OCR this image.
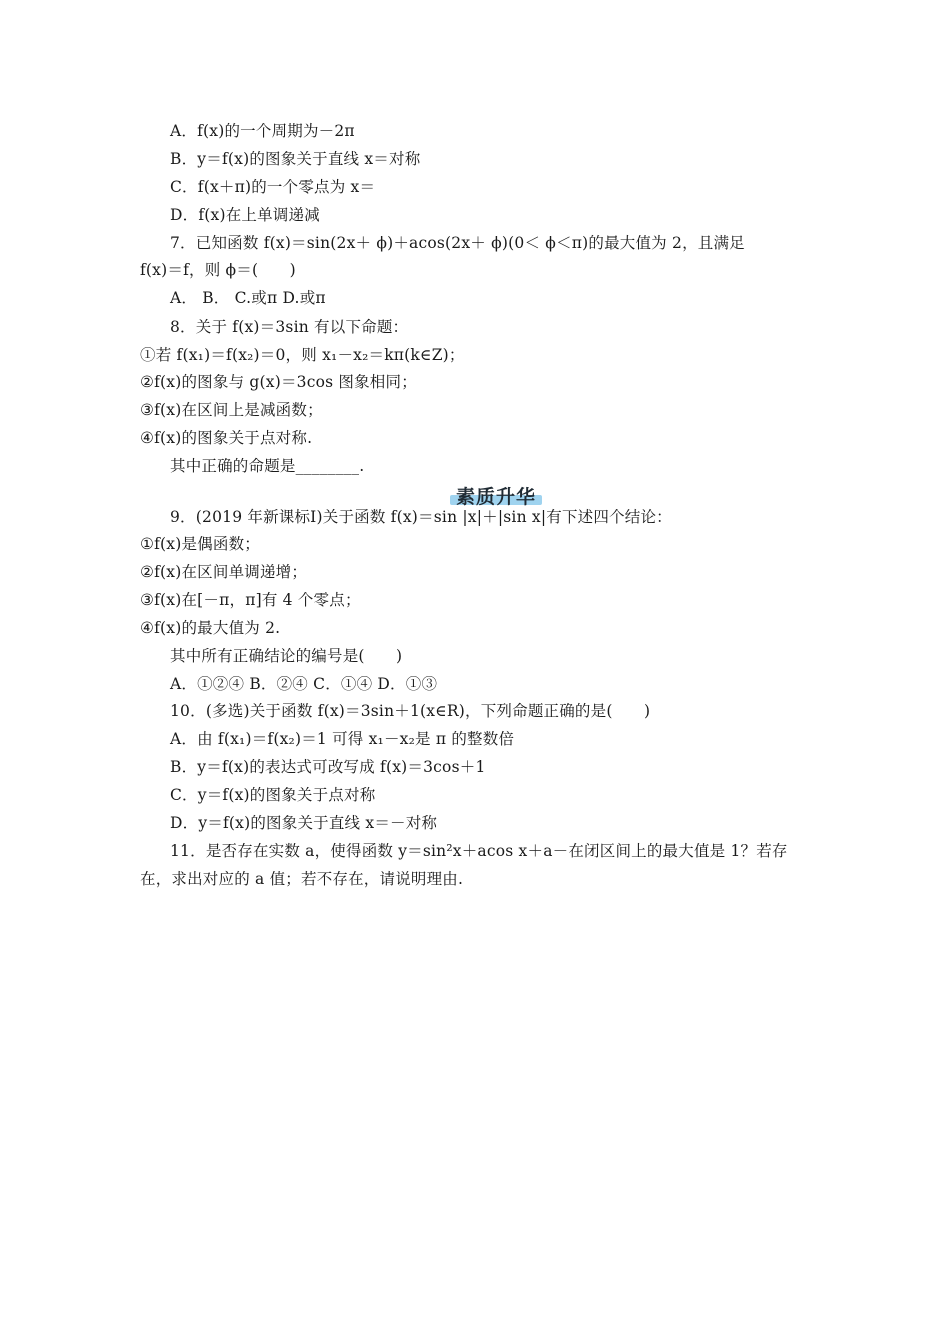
A．f(x)的一个周期为－2π
B．y＝f(x)的图象关于直线 x＝对称
C．f(x＋π)的一个零点为 x＝
D．f(x)在上单调递减
7．已知函数 f(x)＝sin(2x＋ ϕ)＋acos(2x＋ ϕ)(0＜ ϕ＜π)的最大值为 2，且满足
f(x)＝f，则 ϕ＝(　　)
A． B． C.或π D.或π
8．关于 f(x)＝3sin 有以下命题：
①若 f(x₁)＝f(x₂)＝0，则 x₁－x₂＝kπ(k∈Z)；
②f(x)的图象与 g(x)＝3cos 图象相同；
③f(x)在区间上是减函数；
④f(x)的图象关于点对称.
其中正确的命题是________.
素质升华
9．(2019 年新课标Ⅰ)关于函数 f(x)＝sin |x|＋|sin x|有下述四个结论：
①f(x)是偶函数；
②f(x)在区间单调递增；
③f(x)在[－π，π]有 4 个零点；
④f(x)的最大值为 2.
其中所有正确结论的编号是(　　)
A．①②④ B．②④ C．①④ D．①③
10．(多选)关于函数 f(x)＝3sin＋1(x∈R)，下列命题正确的是(　　)
A．由 f(x₁)＝f(x₂)＝1 可得 x₁－x₂是 π 的整数倍
B．y＝f(x)的表达式可改写成 f(x)＝3cos＋1
C．y＝f(x)的图象关于点对称
D．y＝f(x)的图象关于直线 x＝－对称
11．是否存在实数 a，使得函数 y＝sin²x＋acos x＋a－在闭区间上的最大值是 1？若存
在，求出对应的 a 值；若不存在，请说明理由.
